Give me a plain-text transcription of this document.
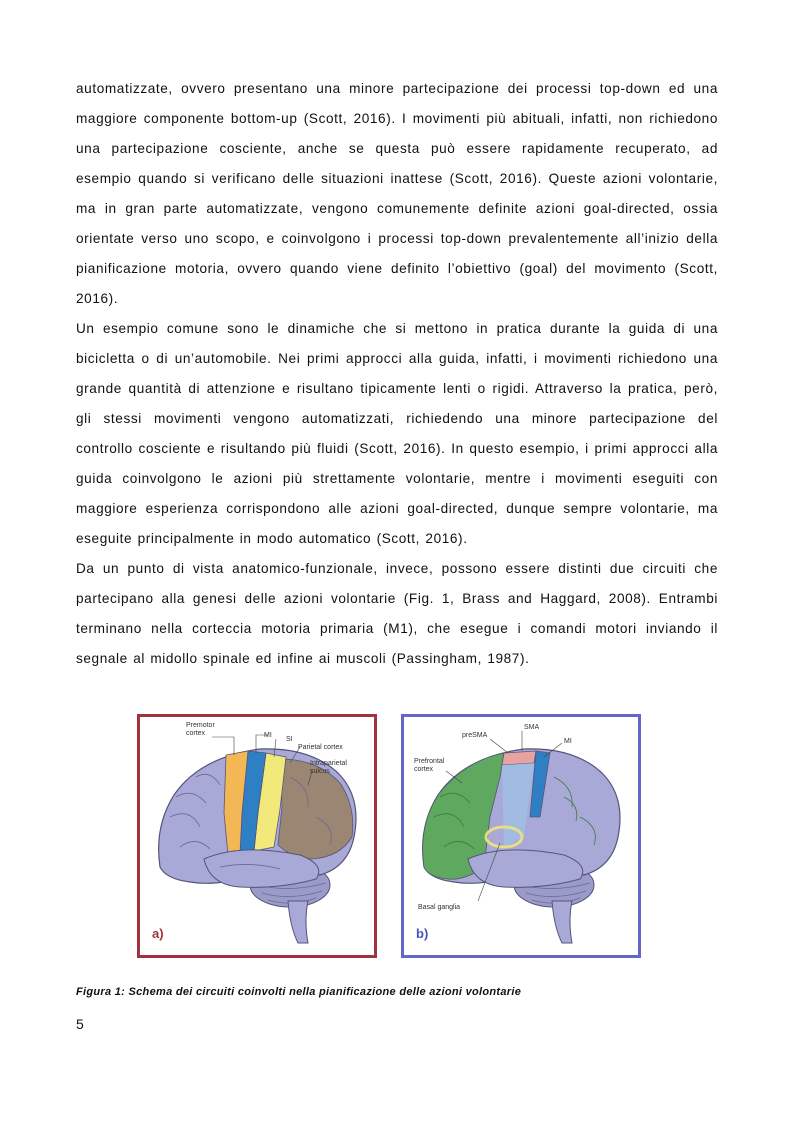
automatizzate, ovvero presentano una minore partecipazione dei processi top-down ed una maggiore componente bottom-up (Scott, 2016). I movimenti più abituali, infatti, non richiedono una partecipazione cosciente, anche se questa può essere rapidamente recuperato, ad esempio quando si verificano delle situazioni inattese (Scott, 2016). Queste azioni volontarie, ma in gran parte automatizzate, vengono comunemente definite azioni goal-directed, ossia orientate verso uno scopo, e coinvolgono i processi top-down prevalentemente all’inizio della pianificazione motoria, ovvero quando viene definito l’obiettivo (goal) del movimento (Scott, 2016).

Un esempio comune sono le dinamiche che si mettono in pratica durante la guida di una bicicletta o di un’automobile. Nei primi approcci alla guida, infatti, i movimenti richiedono una grande quantità di attenzione e risultano tipicamente lenti o rigidi. Attraverso la pratica, però, gli stessi movimenti vengono automatizzati, richiedendo una minore partecipazione del controllo cosciente e risultando più fluidi (Scott, 2016). In questo esempio, i primi approcci alla guida coinvolgono le azioni più strettamente volontarie, mentre i movimenti eseguiti con maggiore esperienza corrispondono alle azioni goal-directed, dunque sempre volontarie, ma eseguite principalmente in modo automatico (Scott, 2016).

Da un punto di vista anatomico-funzionale, invece, possono essere distinti due circuiti che partecipano alla genesi delle azioni volontarie (Fig. 1, Brass and Haggard, 2008). Entrambi terminano nella corteccia motoria primaria (M1), che esegue i comandi motori inviando il segnale al midollo spinale ed infine ai muscoli (Passingham, 1987).

Premotor
cortex	MI
SI
Parietal cortex
Intraparietal
sulcus
a)
SMA
preSMA
MI
Prefrontal
cortex
Basal ganglia
b)

Figura 1: Schema dei circuiti coinvolti nella pianificazione delle azioni volontarie

5
